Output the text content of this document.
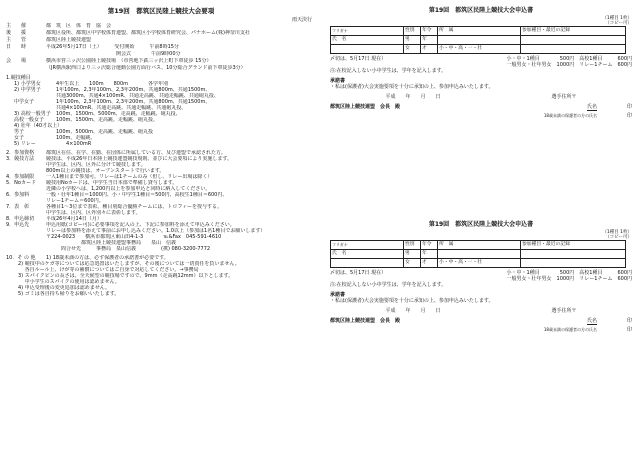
第19回　都筑区民陸上競技大会要項
雨天決行
主　　催	都　筑　区　体　育　協　会
後　　援	都筑区役所、都筑区中学校体育連盟、都筑区小学校体育研究会、パナホーム(株)神奈川支社
主　　管	都筑区陸上競技連盟
日　　時	平成26年5月17日（土）　　　受付開始　　　午前8時15分
　　　　　　　　　　　　　　開会式　　　　午前9時00分
会　　場	横浜市営三ッ沢公園陸上競技場　（市営地下鉄三ッ沢上町下車徒歩 15分）
（JR横浜駅西口より三ッ沢総合運動公園方面行バス、10分総合グランド前下車徒歩3分）
1.競技種目
1) 小学男女	4年生以上　　100m　　800m　　　　各学年別
2) 中学男子	1年100m、2,3年100m、2,3年200m、共通800m、共通1500m、
共通3000m、共通4×100mR、共通走高跳、共通走幅跳、共通砲丸投、
中学女子	1年100m、2,3年100m、2,3年200m、共通800m、共通1500m、
共通4×100mR、共通走高跳、共通走幅跳、共通砲丸投、
3) 高校一般男子	100m、1500m、5000m、走高跳、走幅跳、砲丸投、
高校一般女子	100m、1500m、走高跳、走幅跳、砲丸投、
4) 壮年（40才以上）
男子	100m、5000m、走高跳、走幅跳、砲丸投
女子	100m、走幅跳、
5) リレー	　　4×100mR
2．参加資格	都筑区在住、在学、在勤、在団体に所属している方、及び連盟で承認された方。
3．競技方法	競技は、平成26年日本陸上競技連盟競技規則、並びに大会要項により実施します。
中学生は、区内、区外に分けて競技します。
800m以上の競技は、オープンスタートで行います。
4．参加制限	一人1種目まで参加可。リレーは1チームのみ（但し、リレー出場は除く）
5．Noカード	競技用Noカードは、中学生当日本部で準備し貸与します。
近隣の小学校へは、1,200円以上を参加申込と同時に納入してください。
6．参加料	一般・壮年1種目＝1000円、小・中学生1種目＝500円、高校生1種目＝600円、
リレー1チーム＝600円。
7．表　彰	各種目1～3位まで表彰。種目別総合優勝チームには、トロフィーを授与する。
中学生は、区内、区外別々に表彰します。
8．申込締切	平成26年4月14日（月）
9．申込先	申込用紙(コピー可)に必要事項を記入の上、下記に参加料を添えて申込みください。
リレーは参加料を添えて事前にお申し込みください。1.0以上（参加は1名1種目でお願いします）
〒224-0023　　横浜市都筑区東山田4-1-3　　　　℡&Fax　045-591-4610
　　　　　　　都筑区陸上競技連盟事務局　　泉山　信義
　　　問合せ先　　　事務局　泉山信義　　　　　(携) 080-3200-7772
10．そ の 他	1) 18歳未満の方は、必ず保護者の承諾書が必要です。
2) 競技中のケガ等については応急処置はいたしますが、その後については一切責任を負いません。
　 各自ルール上、けが等の補償についてはご自身で対応してください。→事務局
3) スパイクピンの長さは、全天候型の競技場ですので、9mm（走高跳12mm）以下とします。
　 中小学生のスパイクの使用は認めません。
4) 申込受理後の変更追加は認めません。
5) ゴミは各自持ち帰りをお願いいたします。
第19回　都筑区民陸上競技大会申込書
（1種目 1枚）
（コピー可）
フリガナ	性別	年令	所　属	参加種目・最近の記録
氏　名	男	年		
	女	才	小・中・高・一・壮	
〆切は、5月17日 現在）	小・中・1種目　　　　500円　高校1種目　　　600円
一般男女・壮年男女　1000円　リレー1チーム　600円
注:在校記入しない小中学生は、学年を記入します。
承諾書
・私は(保護者)大会実施要項を十分に承知の上、参加申込みいたします。
平成　　年　　月　　日	選手住所〒
都筑区陸上競技連盟　会長　殿	氏名　　　　　　	印
18歳未満の保護者の方の氏名
　　　　　　	印
第19回　都筑区民陸上競技大会申込書
（1種目 1枚）
（コピー可）
フリガナ	性別	年令	所　属	参加種目・最近の記録
氏　名	男	年		
	女	才	小・中・高・一・壮	
〆切は、5月17日 現在）	小・中・1種目　　　　500円　高校1種目　　　600円
一般男女・壮年男女　1000円　リレー1チーム　600円
注:在校記入しない小中学生は、学年を記入します。
承諾書
・私は(保護者)大会実施要項を十分に承知の上、参加申込みいたします。
平成　　年　　月　　日	選手住所〒
都筑区陸上競技連盟　会長　殿	氏名　　　　　　	印
18歳未満の保護者の方の氏名
　　　　　　	印
